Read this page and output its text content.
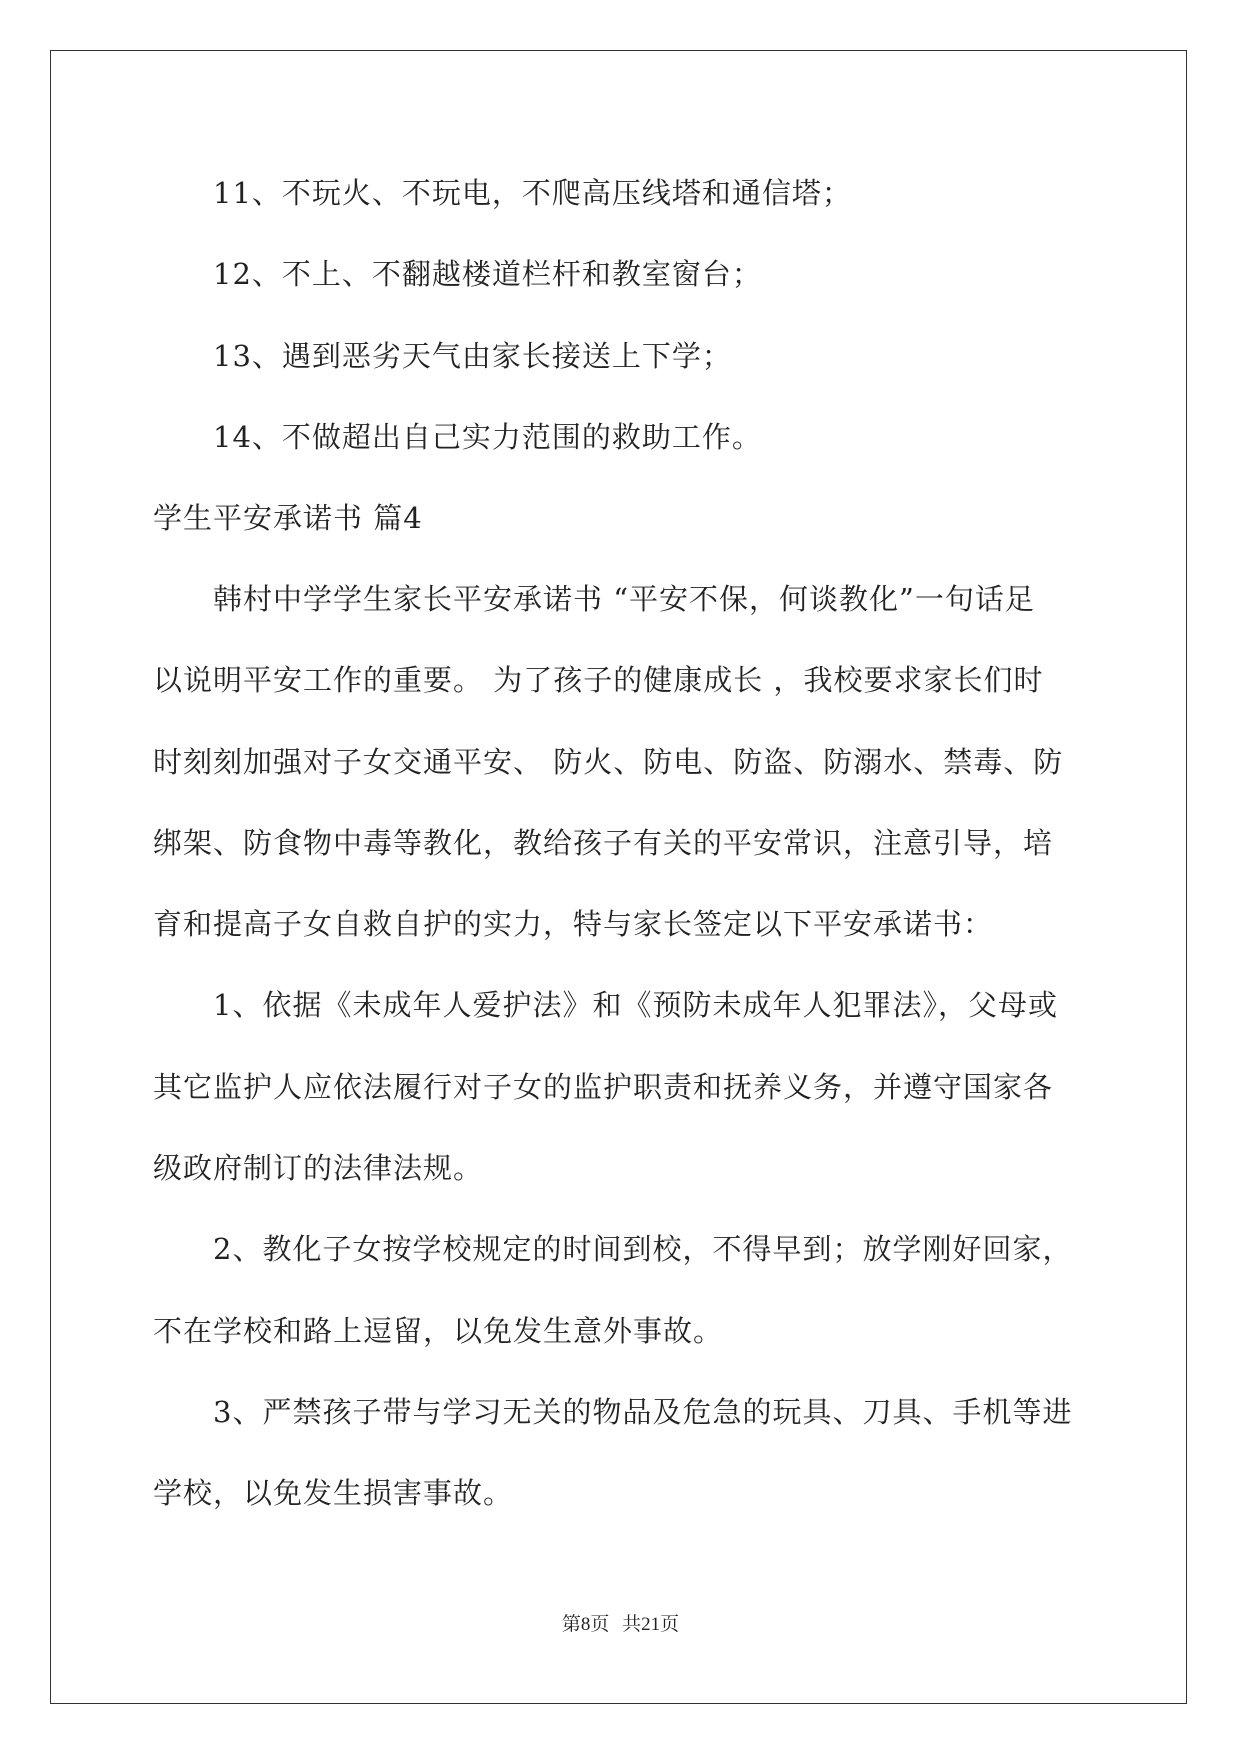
11、不玩火、不玩电，不爬高压线塔和通信塔；
12、不上、不翻越楼道栏杆和教室窗台；
13、遇到恶劣天气由家长接送上下学；
14、不做超出自己实力范围的救助工作。
学生平安承诺书 篇4
韩村中学学生家长平安承诺书 “平安不保，何谈教化”一句话足
以说明平安工作的重要。 为了孩子的健康成长 ，我校要求家长们时
时刻刻加强对子女交通平安、 防火、防电、防盗、防溺水、禁毒、防
绑架、防食物中毒等教化，教给孩子有关的平安常识，注意引导，培
育和提高子女自救自护的实力，特与家长签定以下平安承诺书：
1、依据《未成年人爱护法》和《预防未成年人犯罪法》，父母或
其它监护人应依法履行对子女的监护职责和抚养义务，并遵守国家各
级政府制订的法律法规。
2、教化子女按学校规定的时间到校，不得早到；放学刚好回家，
不在学校和路上逗留，以免发生意外事故。
3、严禁孩子带与学习无关的物品及危急的玩具、刀具、手机等进
学校，以免发生损害事故。
第8页 共21页
